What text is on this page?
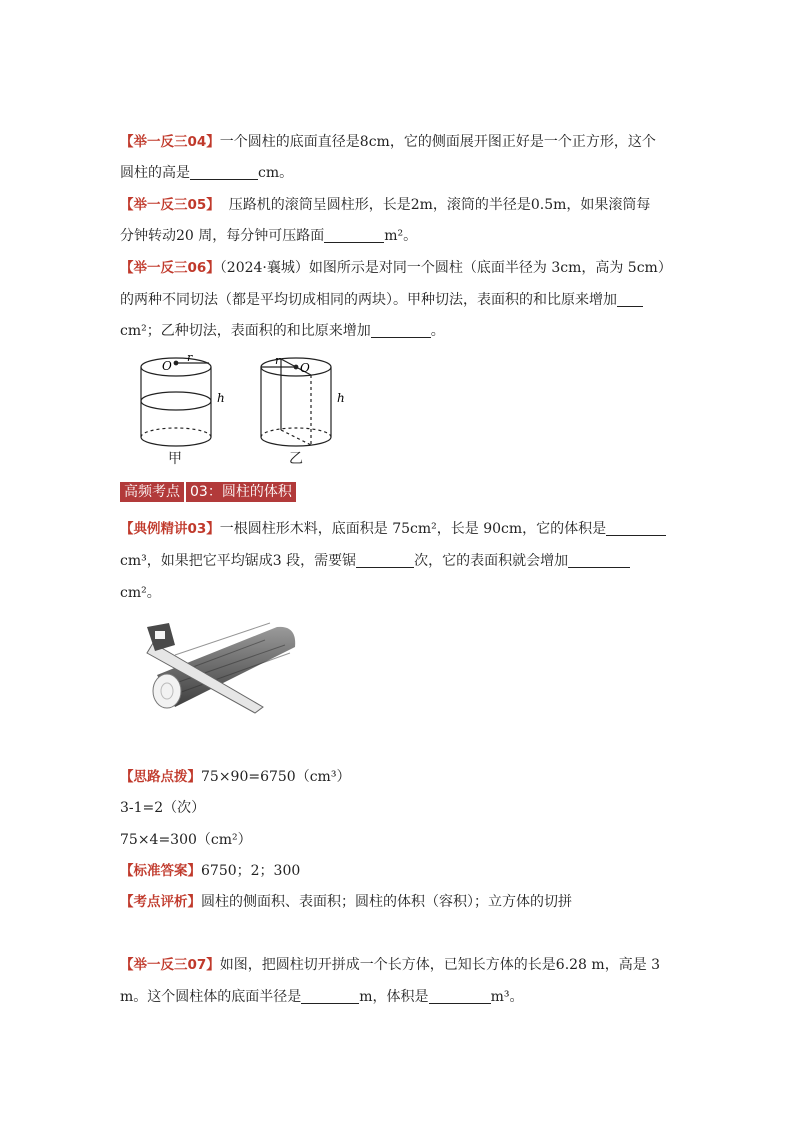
【举一反三04】一个圆柱的底面直径是8cm，它的侧面展开图正好是一个正方形，这个
圆柱的高是	cm。
【举一反三05】 压路机的滚筒呈圆柱形，长是2m，滚筒的半径是0.5m，如果滚筒每
分钟转动20 周，每分钟可压路面	m²。
【举一反三06】（2024·襄城）如图所示是对同一个圆柱（底面半径为 3cm，高为 5cm）
的两种不同切法（都是平均切成相同的两块）。甲种切法，表面积的和比原来增加
cm²；乙种切法，表面积的和比原来增加	。
O
r
h
O
r
h
甲	乙
高频考点 03：圆柱的体积
【典例精讲03】一根圆柱形木料，底面积是 75cm²，长是 90cm，它的体积是
cm³，如果把它平均锯成3 段，需要锯	次，它的表面积就会增加
cm²。
【思路点拨】75×90=6750（cm³）
3-1=2（次）
75×4=300（cm²）
【标准答案】6750；2；300
【考点评析】圆柱的侧面积、表面积；圆柱的体积（容积）；立方体的切拼
【举一反三07】如图，把圆柱切开拼成一个长方体，已知长方体的长是6.28 m，高是 3
m。这个圆柱体的底面半径是	m，体积是	m³。
